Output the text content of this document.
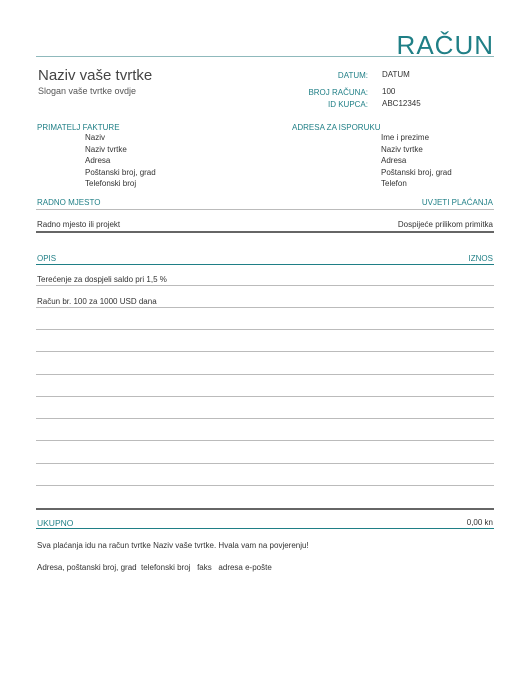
RAČUN
Naziv vaše tvrtke
Slogan vaše tvrtke ovdje
DATUM: DATUM
BROJ RAČUNA: 100
ID KUPCA: ABC12345
PRIMATELJ FAKTURE
Naziv
Naziv tvrtke
Adresa
Poštanski broj, grad
Telefonski broj
ADRESA ZA ISPORUKU
Ime i prezime
Naziv tvrtke
Adresa
Poštanski broj, grad
Telefon
RADNO MJESTO	UVJETI PLAĆANJA
Radno mjesto ili projekt	Dospijeće prilikom primitka
OPIS	IZNOS
Terećenje za dospjeli saldo pri 1,5 %
Račun br. 100 za 1000 USD dana
UKUPNO	0,00 kn
Sva plaćanja idu na račun tvrtke Naziv vaše tvrtke. Hvala vam na povjerenju!
Adresa, poštanski broj, grad  telefonski broj   faks   adresa e-pošte
